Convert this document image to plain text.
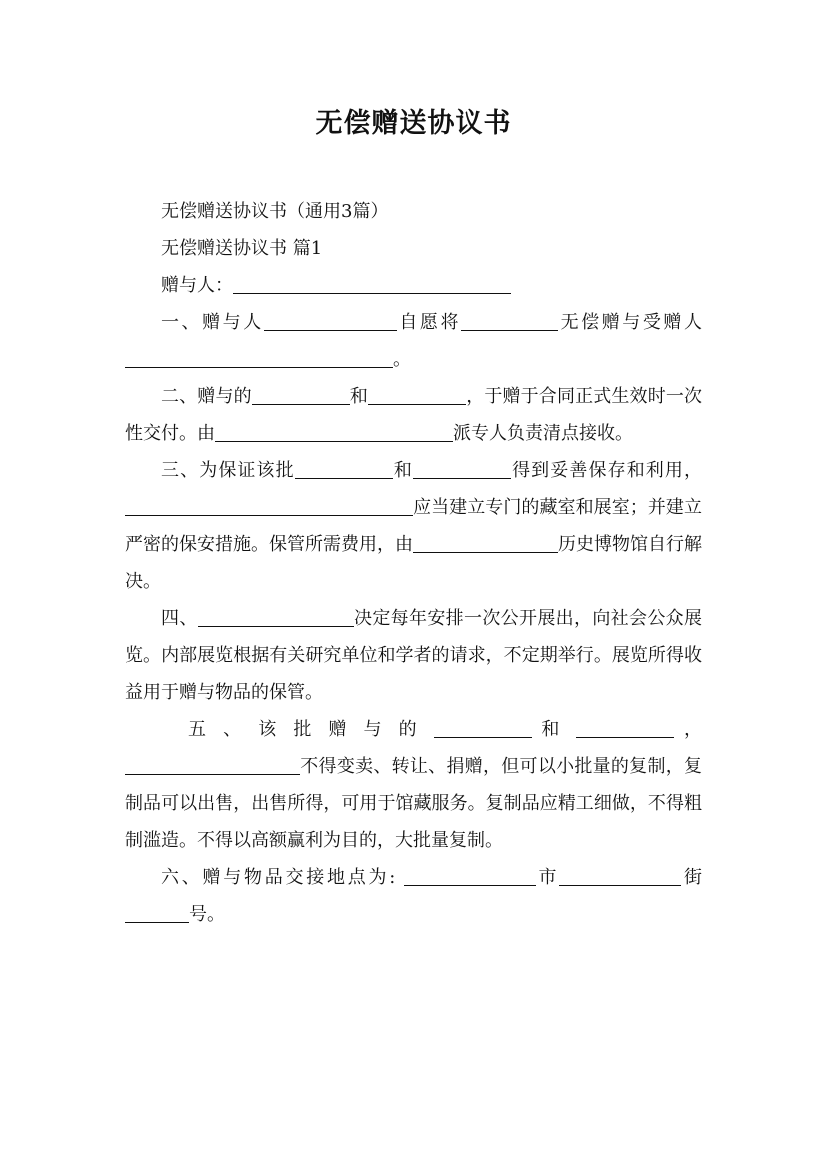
无偿赠送协议书

无偿赠送协议书（通用3篇）

无偿赠送协议书 篇1

赠与人：

一、赠与人	自愿将	无偿赠与受赠人。

二、赠与的	和	，于赠于合同正式生效时一次性交付。由	派专人负责清点接收。

三、为保证该批	和	得到妥善保存和利用，应当建立专门的藏室和展室；并建立严密的保安措施。保管所需费用，由	历史博物馆自行解决。

四、	决定每年安排一次公开展出，向社会公众展览。内部展览根据有关研究单位和学者的请求，不定期举行。展览所得收益用于赠与物品的保管。

五、该批赠与的	和	，不得变卖、转让、捐赠，但可以小批量的复制，复制品可以出售，出售所得，可用于馆藏服务。复制品应精工细做，不得粗制滥造。不得以高额赢利为目的，大批量复制。

六、赠与物品交接地点为:	市	街号。
